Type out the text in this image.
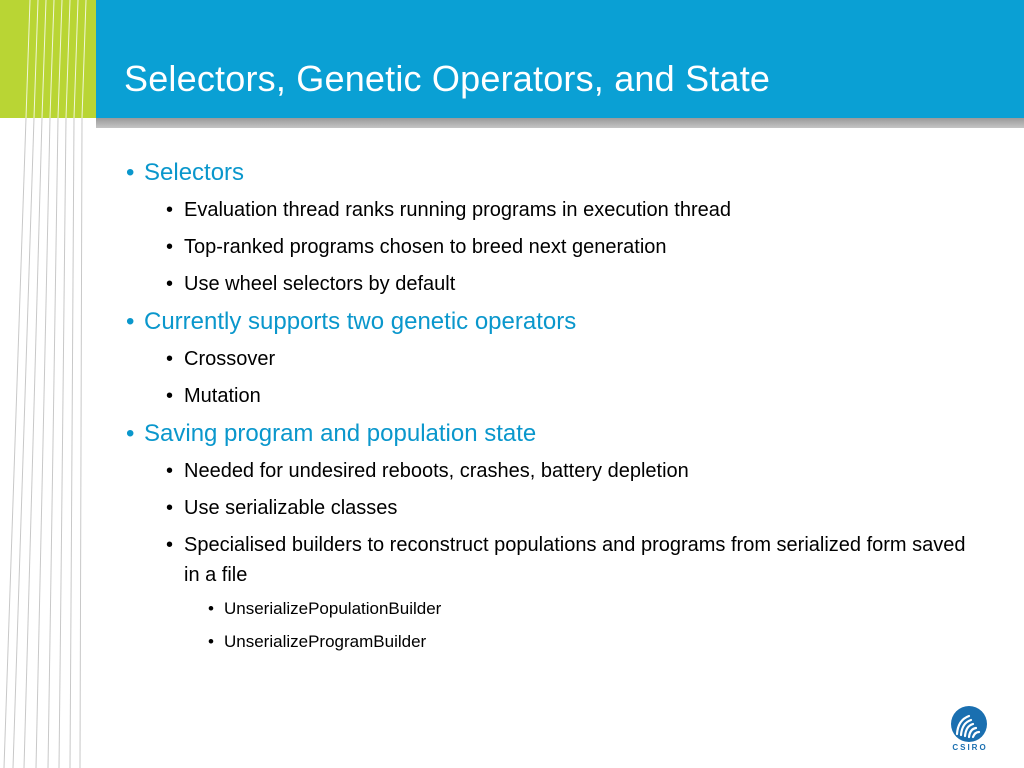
Selectors, Genetic Operators, and State
• Selectors
• Evaluation thread ranks running programs in execution thread
• Top-ranked programs chosen to breed next generation
• Use wheel selectors by default
• Currently supports two genetic operators
• Crossover
• Mutation
• Saving program and population state
• Needed for undesired reboots, crashes, battery depletion
• Use serializable classes
• Specialised builders to reconstruct populations and programs from serialized form saved in a file
• UnserializePopulationBuilder
• UnserializeProgramBuilder
CSIRO
